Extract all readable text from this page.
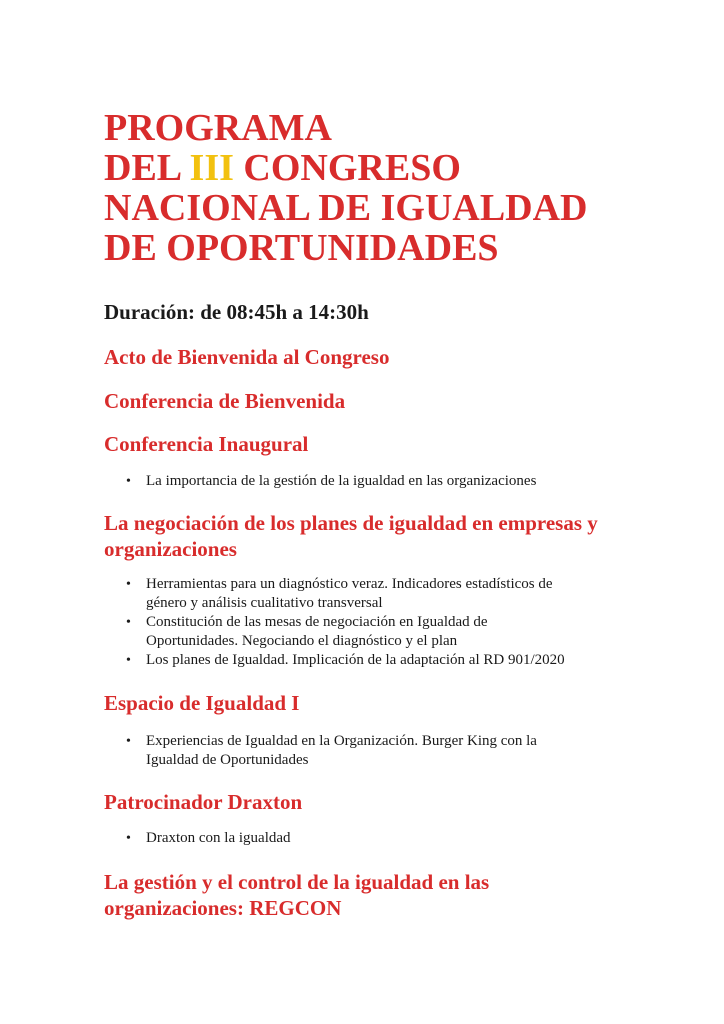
PROGRAMA
DEL III CONGRESO
NACIONAL DE IGUALDAD
DE OPORTUNIDADES

Duración: de 08:45h a 14:30h

Acto de Bienvenida al Congreso
Conferencia de Bienvenida
Conferencia Inaugural
• La importancia de la gestión de la igualdad en las organizaciones
La negociación de los planes de igualdad en empresas y
organizaciones
• Herramientas para un diagnóstico veraz. Indicadores estadísticos de
género y análisis cualitativo transversal
• Constitución de las mesas de negociación en Igualdad de
Oportunidades. Negociando el diagnóstico y el plan
• Los planes de Igualdad. Implicación de la adaptación al RD 901/2020
Espacio de Igualdad I
• Experiencias de Igualdad en la Organización. Burger King con la
Igualdad de Oportunidades
Patrocinador Draxton
• Draxton con la igualdad
La gestión y el control de la igualdad en las
organizaciones: REGCON
